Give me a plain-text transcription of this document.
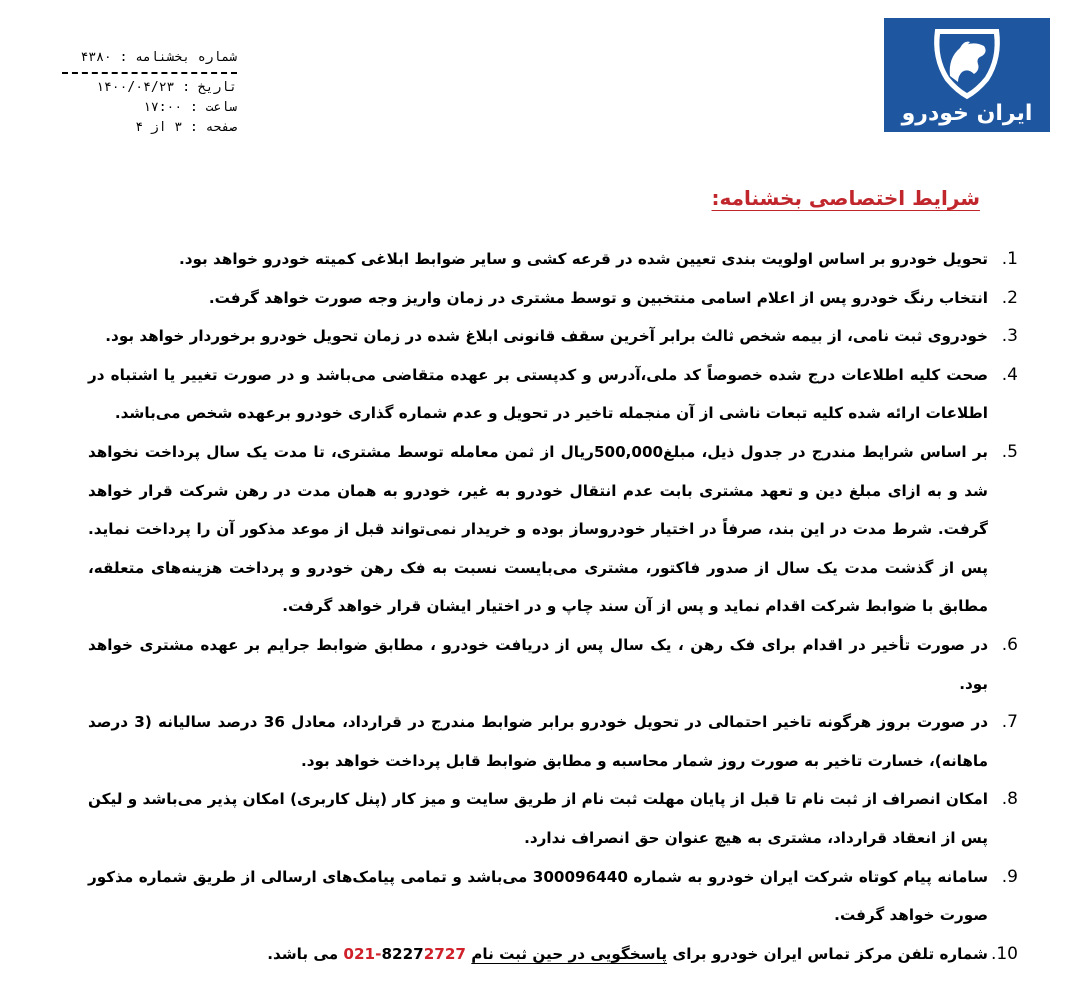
شماره بخشنامه : ۴۳۸۰
تاریخ : ۱۴۰۰/۰۴/۲۳
ساعت : ۱۷:۰۰
صفحه : ۳ از ۴
ایران خودرو
شرایط اختصاصی بخشنامه:
1.
تحویل خودرو بر اساس اولویت بندی تعیین شده در قرعه کشی و سایر ضوابط ابلاغی کمیته خودرو خواهد بود.
2.
انتخاب رنگ خودرو پس از اعلام اسامی منتخبین و توسط مشتری در زمان واریز وجه صورت خواهد گرفت.
3.
خودروی ثبت نامی، از بیمه شخص ثالث برابر آخرین سقف قانونی ابلاغ شده در زمان تحویل خودرو برخوردار خواهد بود.
4.
صحت کلیه اطلاعات درج شده خصوصاً کد ملی،آدرس و کدپستی بر عهده متقاضی می‌باشد و در صورت تغییر یا اشتباه در اطلاعات ارائه شده کلیه تبعات ناشی از آن منجمله تاخیر در تحویل و عدم شماره گذاری خودرو برعهده شخص می‌باشد.
5.
بر اساس شرایط مندرج در جدول ذیل، مبلغ500,000ریال از ثمن معامله توسط مشتری، تا مدت یک سال پرداخت نخواهد شد و به ازای مبلغ دین و تعهد مشتری بابت عدم انتقال خودرو به غیر، خودرو به همان مدت در رهن شرکت قرار خواهد گرفت. شرط مدت در این بند، صرفاً در اختیار خودروساز بوده و خریدار نمی‌تواند قبل از موعد مذکور آن را پرداخت نماید. پس از گذشت مدت یک سال از صدور فاکتور، مشتری می‌بایست نسبت به فک رهن خودرو و پرداخت هزینه‌های متعلقه، مطابق با ضوابط شرکت اقدام نماید و پس از آن سند چاپ و در اختیار ایشان قرار خواهد گرفت.
6.
در صورت تأخیر در اقدام برای فک رهن ، یک سال پس از دریافت خودرو ، مطابق ضوابط جرایم بر عهده مشتری خواهد بود.
7.
در صورت بروز هرگونه تاخیر احتمالی در تحویل خودرو برابر ضوابط مندرج در قرارداد، معادل 36 درصد سالیانه (3 درصد ماهانه)، خسارت تاخیر به صورت روز شمار محاسبه و مطابق ضوابط قابل پرداخت خواهد بود.
8.
امکان انصراف از ثبت نام تا قبل از پایان مهلت ثبت نام از طریق سایت و میز کار (پنل کاربری) امکان پذیر می‌باشد و لیکن پس از انعقاد قرارداد، مشتری به هیچ عنوان حق انصراف ندارد.
9.
سامانه پیام کوتاه شرکت ایران خودرو به شماره 300096440 می‌باشد و تمامی پیامک‌های ارسالی از طریق شماره مذکور صورت خواهد گرفت.
10.
شماره تلفن مرکز تماس ایران خودرو برای پاسخگویی در حین ثبت نام 021-82272727 می باشد.
